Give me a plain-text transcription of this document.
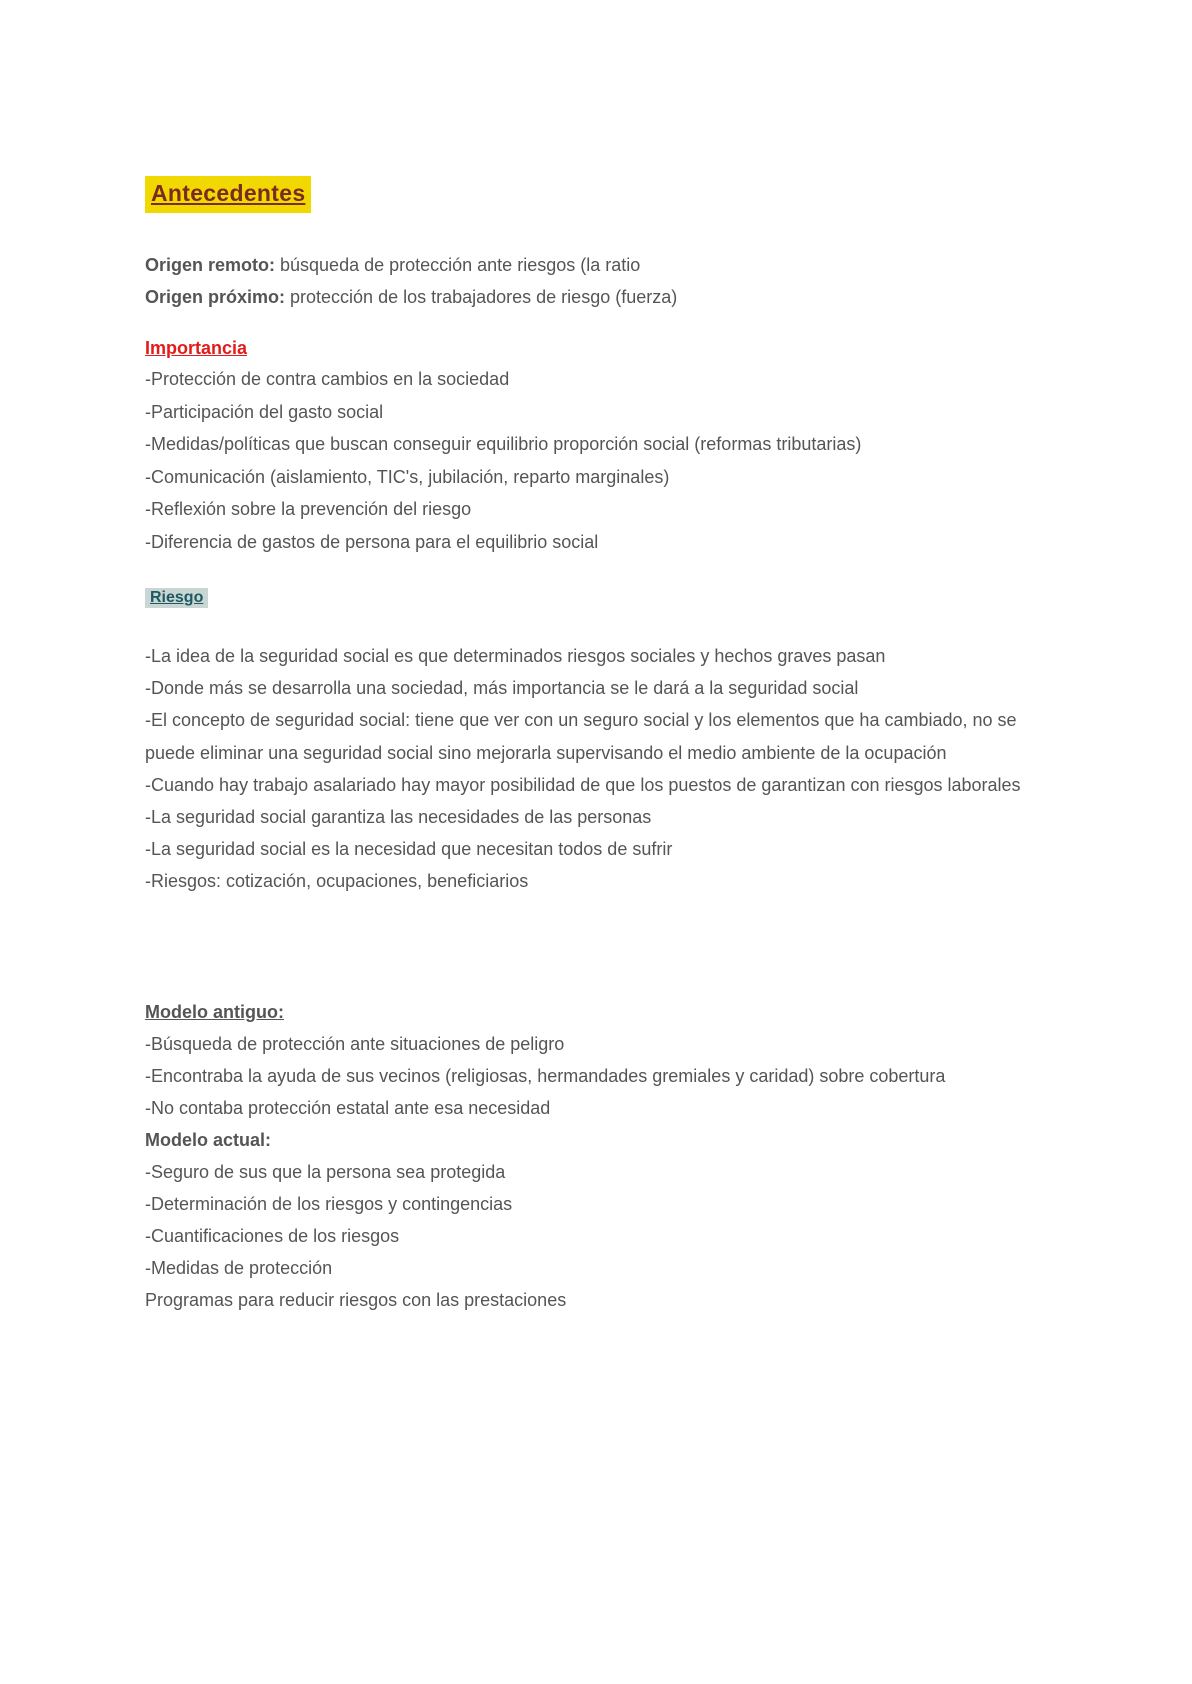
Antecedentes
Origen remoto: búsqueda de protección ante riesgos (la ratio
Origen próximo: protección de los trabajadores de riesgo (fuerza)
Importancia
-Protección de contra cambios en la sociedad
-Participación del gasto social
-Medidas/políticas que buscan conseguir equilibrio proporción social (reformas tributarias)
-Comunicación (aislamiento, TIC's, jubilación, reparto marginales)
-Reflexión sobre la prevención del riesgo
-Diferencia de gastos de persona para el equilibrio social
Riesgo
-La idea de la seguridad social es que determinados riesgos sociales y hechos graves pasan
-Donde más se desarrolla una sociedad, más importancia se le dará a la seguridad social
-El concepto de seguridad social: tiene que ver con un seguro social y los elementos que ha cambiado, no se puede eliminar una seguridad social sino mejorarla supervisando el medio ambiente de la ocupación
-Cuando hay trabajo asalariado hay mayor posibilidad de que los puestos de garantizan con riesgos laborales
-La seguridad social garantiza las necesidades de las personas
-La seguridad social es la necesidad que necesitan todos de sufrir
-Riesgos: cotización, ocupaciones, beneficiarios
Modelo antiguo:
-Búsqueda de protección ante situaciones de peligro
-Encontraba la ayuda de sus vecinos (religiosas, hermandades gremiales y caridad) sobre cobertura
-No contaba protección estatal ante esa necesidad
Modelo actual:
-Seguro de sus que la persona sea protegida
-Determinación de los riesgos y contingencias
-Cuantificaciones de los riesgos
-Medidas de protección
Programas para reducir riesgos con las prestaciones
